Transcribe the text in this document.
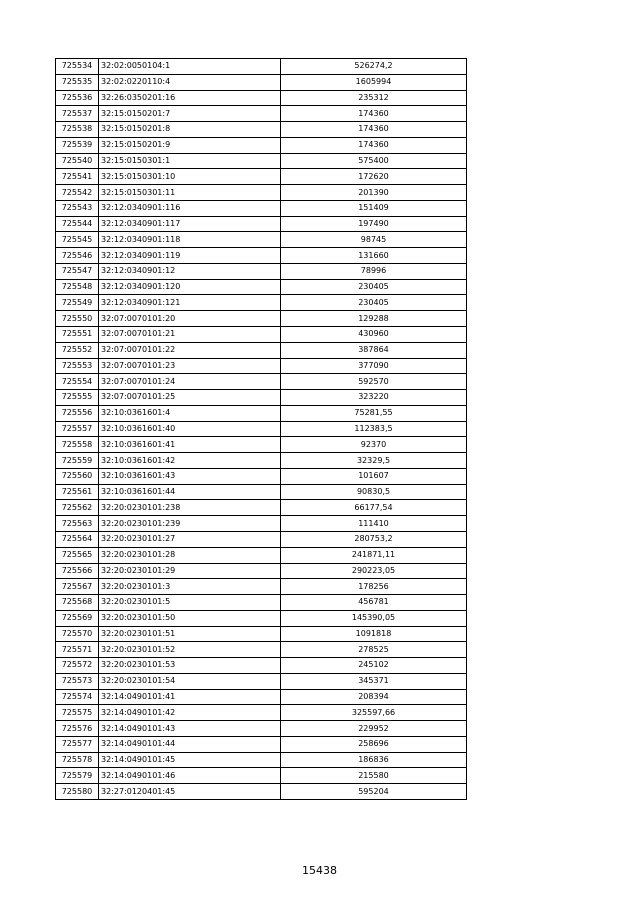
725534	32:02:0050104:1	526274,2
725535	32:02:0220110:4	1605994
725536	32:26:0350201:16	235312
725537	32:15:0150201:7	174360
725538	32:15:0150201:8	174360
725539	32:15:0150201:9	174360
725540	32:15:0150301:1	575400
725541	32:15:0150301:10	172620
725542	32:15:0150301:11	201390
725543	32:12:0340901:116	151409
725544	32:12:0340901:117	197490
725545	32:12:0340901:118	98745
725546	32:12:0340901:119	131660
725547	32:12:0340901:12	78996
725548	32:12:0340901:120	230405
725549	32:12:0340901:121	230405
725550	32:07:0070101:20	129288
725551	32:07:0070101:21	430960
725552	32:07:0070101:22	387864
725553	32:07:0070101:23	377090
725554	32:07:0070101:24	592570
725555	32:07:0070101:25	323220
725556	32:10:0361601:4	75281,55
725557	32:10:0361601:40	112383,5
725558	32:10:0361601:41	92370
725559	32:10:0361601:42	32329,5
725560	32:10:0361601:43	101607
725561	32:10:0361601:44	90830,5
725562	32:20:0230101:238	66177,54
725563	32:20:0230101:239	111410
725564	32:20:0230101:27	280753,2
725565	32:20:0230101:28	241871,11
725566	32:20:0230101:29	290223,05
725567	32:20:0230101:3	178256
725568	32:20:0230101:5	456781
725569	32:20:0230101:50	145390,05
725570	32:20:0230101:51	1091818
725571	32:20:0230101:52	278525
725572	32:20:0230101:53	245102
725573	32:20:0230101:54	345371
725574	32:14:0490101:41	208394
725575	32:14:0490101:42	325597,66
725576	32:14:0490101:43	229952
725577	32:14:0490101:44	258696
725578	32:14:0490101:45	186836
725579	32:14:0490101:46	215580
725580	32:27:0120401:45	595204
15438
